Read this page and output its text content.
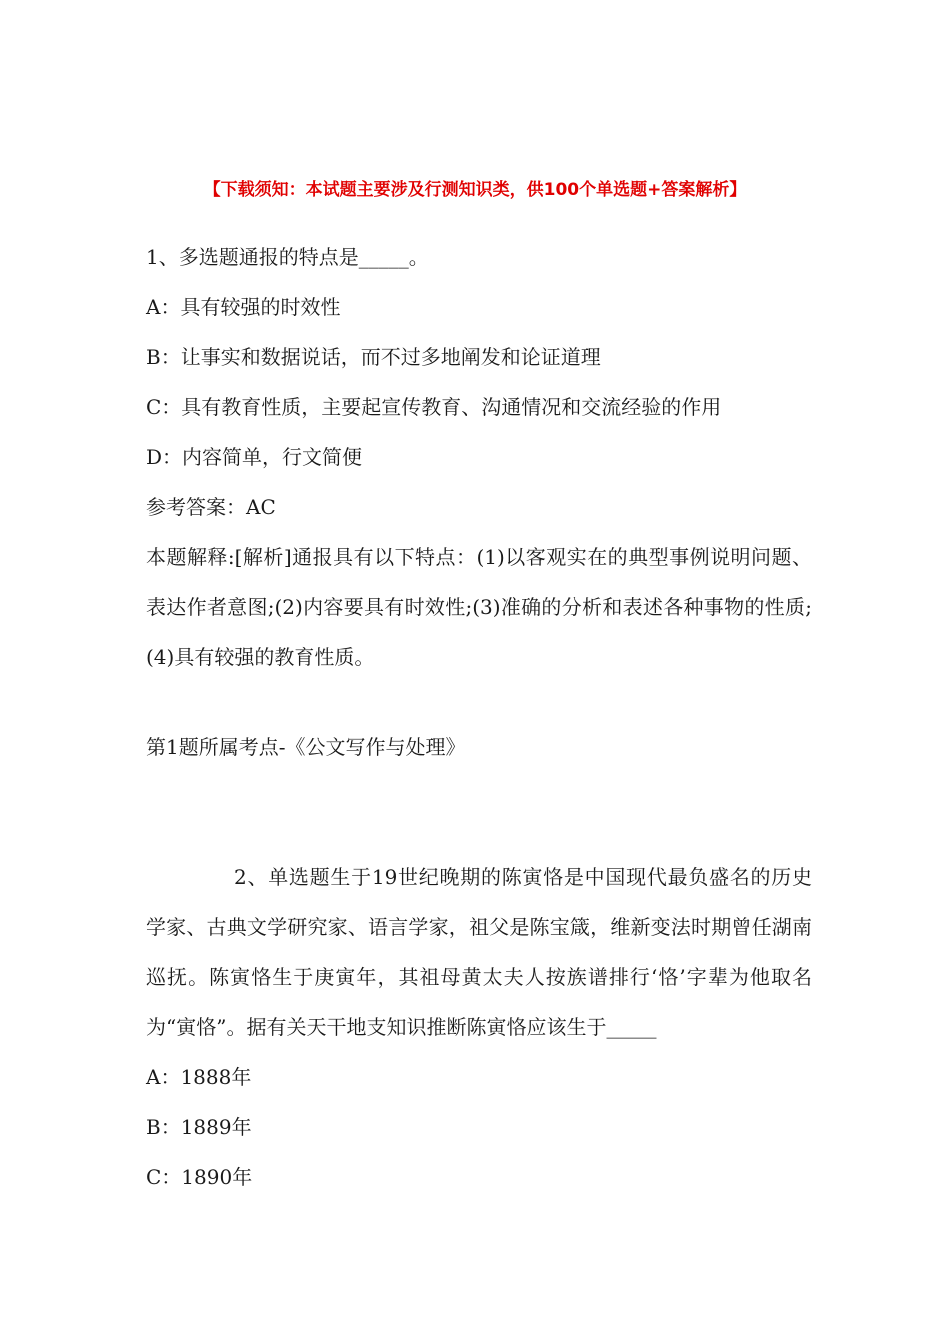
【下载须知：本试题主要涉及行测知识类，供100个单选题+答案解析】
1、多选题通报的特点是_____。
A：具有较强的时效性
B：让事实和数据说话，而不过多地阐发和论证道理
C：具有教育性质，主要起宣传教育、沟通情况和交流经验的作用
D：内容简单，行文简便
参考答案：AC
本题解释:[解析]通报具有以下特点：(1)以客观实在的典型事例说明问题、表达作者意图;(2)内容要具有时效性;(3)准确的分析和表述各种事物的性质;(4)具有较强的教育性质。
第1题所属考点-《公文写作与处理》
2、单选题生于19世纪晚期的陈寅恪是中国现代最负盛名的历史学家、古典文学研究家、语言学家，祖父是陈宝箴，维新变法时期曾任湖南巡抚。陈寅恪生于庚寅年，其祖母黄太夫人按族谱排行‘恪’字辈为他取名为“寅恪”。据有关天干地支知识推断陈寅恪应该生于_____
A：1888年
B：1889年
C：1890年
